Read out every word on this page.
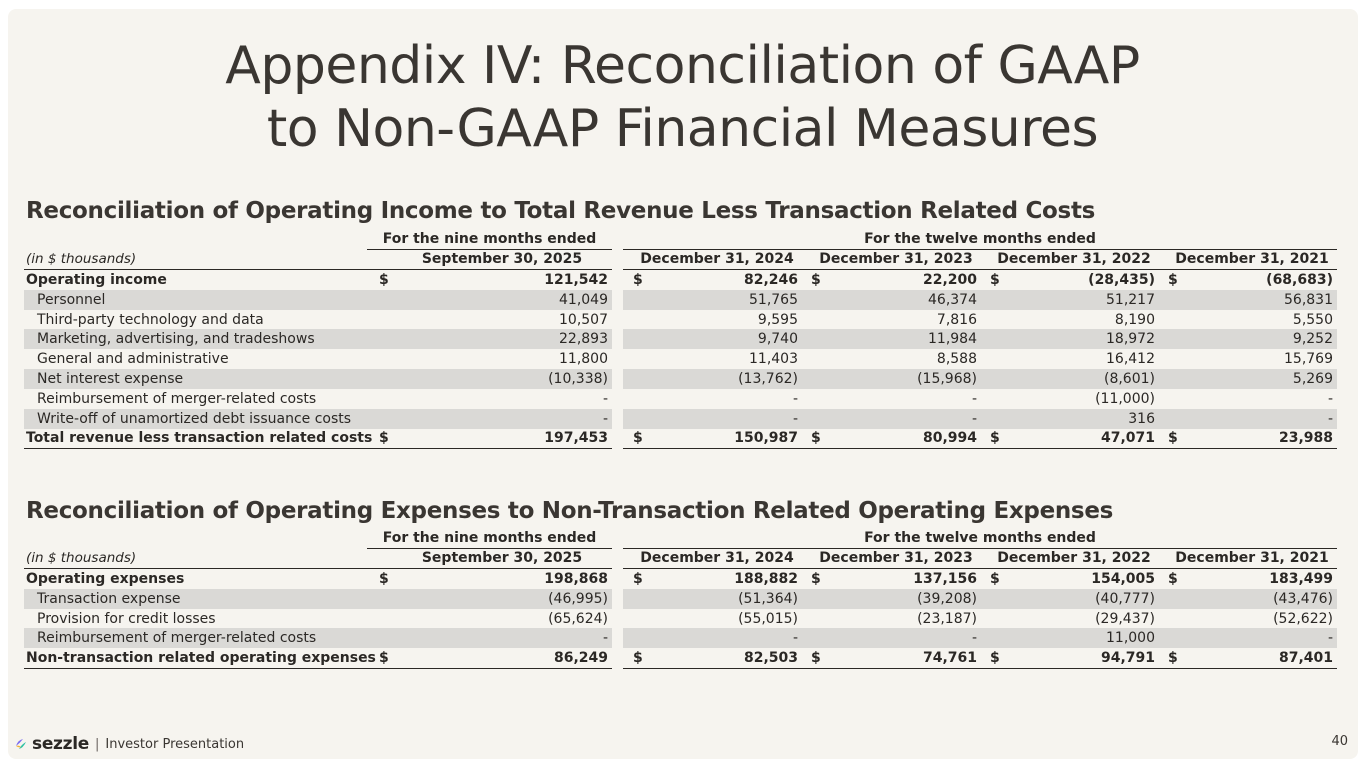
Appendix IV: Reconciliation of GAAP
to Non-GAAP Financial Measures
Reconciliation of Operating Income to Total Revenue Less Transaction Related Costs
Reconciliation of Operating Expenses to Non-Transaction Related Operating Expenses
For the nine months ended	For the twelve months ended
(in $ thousands)	September 30, 2025	December 31, 2024	December 31, 2023	December 31, 2022	December 31, 2021
Operating income	$	121,542 $	82,246 $	22,200 $	(28,435) $	(68,683)
Personnel	41,049	51,765	46,374	51,217	56,831
Third-party technology and data	10,507	9,595	7,816	8,190	5,550
Marketing, advertising, and tradeshows	22,893	9,740	11,984	18,972	9,252
General and administrative	11,800	11,403	8,588	16,412	15,769
Net interest expense	(10,338)	(13,762)	(15,968)	(8,601)	5,269
Reimbursement of merger-related costs	-	-	-	(11,000)	-
Write-off of unamortized debt issuance costs	-	-	-	316	-
Total revenue less transaction related costs $	197,453 $	150,987 $	80,994 $	47,071 $	23,988
For the nine months ended	For the twelve months ended
(in $ thousands)	September 30, 2025	December 31, 2024	December 31, 2023	December 31, 2022	December 31, 2021
Operating expenses	$	198,868 $	188,882 $	137,156 $	154,005 $	183,499
Transaction expense	(46,995)	(51,364)	(39,208)	(40,777)	(43,476)
Provision for credit losses	(65,624)	(55,015)	(23,187)	(29,437)	(52,622)
Reimbursement of merger-related costs	-	-	-	11,000	-
Non-transaction related operating expenses $	86,249 $	82,503 $	74,761 $	94,791 $	87,401
sezzle | Investor Presentation	40
